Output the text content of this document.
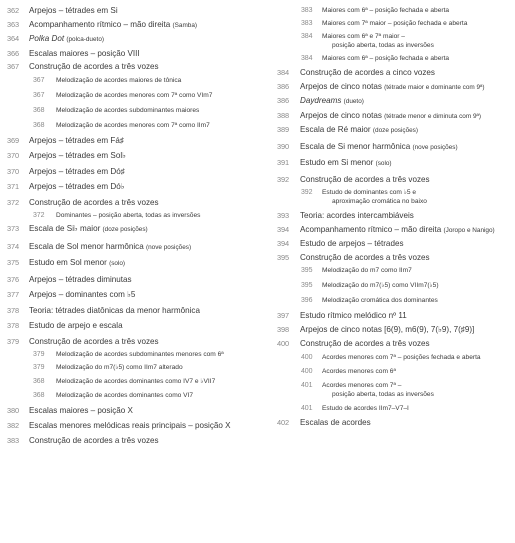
362	Arpejos – tétrades em Si
363	Acompanhamento rítmico – mão direita (Samba)
364	Polka Dot (polca-dueto)
366	Escalas maiores – posição VIII
367	Construção de acordes a três vozes
367	Melodização de acordes maiores de tônica
367	Melodização de acordes menores com 7ª como VIm7
368	Melodização de acordes subdominantes maiores
368	Melodização de acordes menores com 7ª como IIm7
369	Arpejos – tétrades em Fá♯
370	Arpejos – tétrades em Sol♭
370	Arpejos – tétrades em Dó♯
371	Arpejos – tétrades em Dó♭
372	Construção de acordes a três vozes
372	Dominantes – posição aberta, todas as inversões
373	Escala de Si♭ maior (doze posições)
374	Escala de Sol menor harmônica (nove posições)
375	Estudo em Sol menor (solo)
376	Arpejos – tétrades diminutas
377	Arpejos – dominantes com ♭5
378	Teoria: tétrades diatônicas da menor harmônica
378	Estudo de arpejo e escala
379	Construção de acordes a três vozes
379	Melodização de acordes subdominantes menores com 6ª
379	Melodização do m7(♭5) como IIm7 alterado
368	Melodização de acordes dominantes como IV7 e ♭VII7
368	Melodização de acordes dominantes como VI7
380	Escalas maiores – posição X
382	Escalas menores melódicas reais principais – posição X
383	Construção de acordes a três vozes
383	Maiores com 6ª – posição fechada e aberta
383	Maiores com 7ª maior – posição fechada e aberta
384	Maiores com 6ª e 7ª maior –
posição aberta, todas as inversões
384	Maiores com 6ª – posição fechada e aberta
384	Construção de acordes a cinco vozes
386	Arpejos de cinco notas (tétrade maior e dominante com 9ª)
386	Daydreams (dueto)
388	Arpejos de cinco notas (tétrade menor e diminuta com 9ª)
389	Escala de Ré maior (doze posições)
390	Escala de Si menor harmônica (nove posições)
391	Estudo em Si menor (solo)
392	Construção de acordes a três vozes
392	Estudo de dominantes com ♭5 e
aproximação cromática no baixo
393	Teoria: acordes intercambiáveis
394	Acompanhamento rítmico – mão direita (Joropo e Nanigo)
394	Estudo de arpejos – tétrades
395	Construção de acordes a três vozes
395	Melodização do m7 como IIm7
395	Melodização do m7(♭5) como VIIm7(♭5)
396	Melodização cromática dos dominantes
397	Estudo rítmico melódico nº 11
398	Arpejos de cinco notas [6(9), m6(9), 7(♭9), 7(♯9)]
400	Construção de acordes a três vozes
400	Acordes menores com 7ª – posições fechada e aberta
400	Acordes menores com 6ª
401	Acordes menores com 7ª –
posição aberta, todas as inversões
401	Estudo de acordes IIm7–V7–I
402	Escalas de acordes
